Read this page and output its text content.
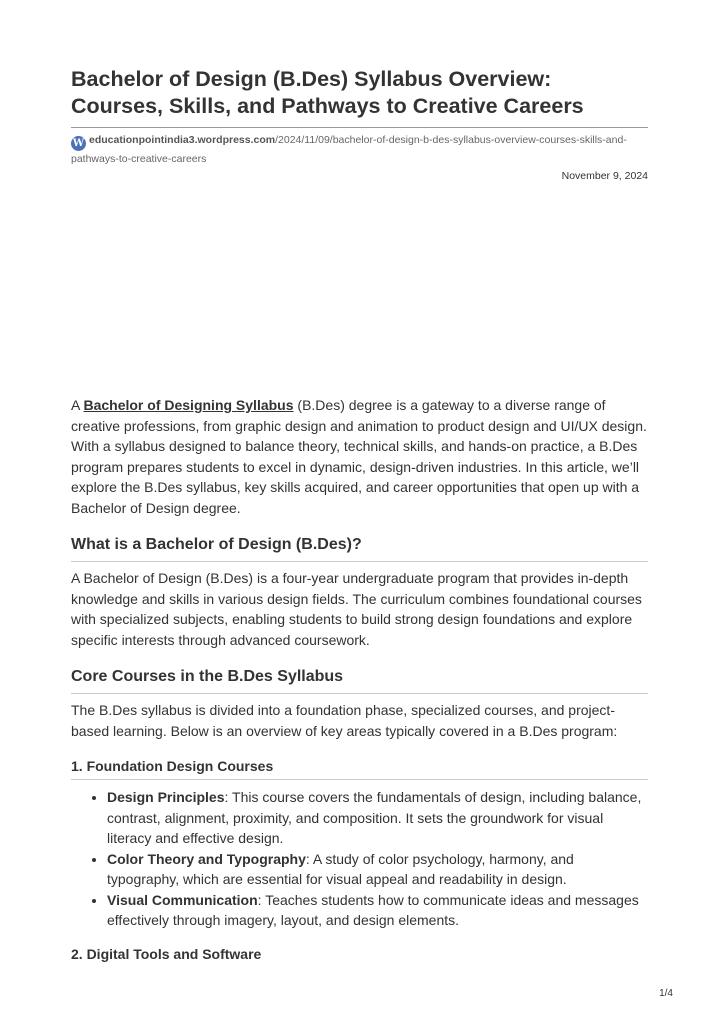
Bachelor of Design (B.Des) Syllabus Overview: Courses, Skills, and Pathways to Creative Careers
W educationpointindia3.wordpress.com/2024/11/09/bachelor-of-design-b-des-syllabus-overview-courses-skills-and-pathways-to-creative-careers
November 9, 2024

A Bachelor of Designing Syllabus (B.Des) degree is a gateway to a diverse range of creative professions, from graphic design and animation to product design and UI/UX design. With a syllabus designed to balance theory, technical skills, and hands-on practice, a B.Des program prepares students to excel in dynamic, design-driven industries. In this article, we’ll explore the B.Des syllabus, key skills acquired, and career opportunities that open up with a Bachelor of Design degree.

What is a Bachelor of Design (B.Des)?

A Bachelor of Design (B.Des) is a four-year undergraduate program that provides in-depth knowledge and skills in various design fields. The curriculum combines foundational courses with specialized subjects, enabling students to build strong design foundations and explore specific interests through advanced coursework.

Core Courses in the B.Des Syllabus

The B.Des syllabus is divided into a foundation phase, specialized courses, and project-based learning. Below is an overview of key areas typically covered in a B.Des program:

1. Foundation Design Courses
• Design Principles: This course covers the fundamentals of design, including balance, contrast, alignment, proximity, and composition. It sets the groundwork for visual literacy and effective design.
• Color Theory and Typography: A study of color psychology, harmony, and typography, which are essential for visual appeal and readability in design.
• Visual Communication: Teaches students how to communicate ideas and messages effectively through imagery, layout, and design elements.
2. Digital Tools and Software
1/4
